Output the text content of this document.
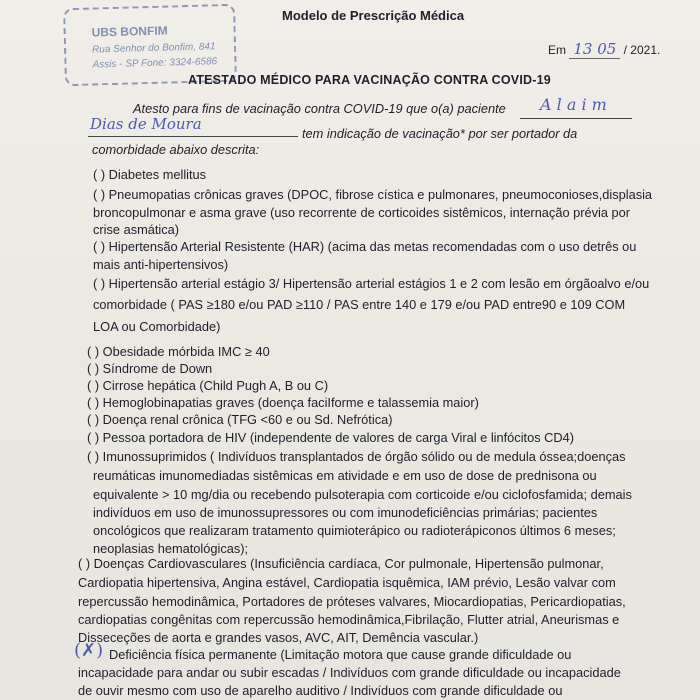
UBS BONFIM
Rua Senhor do Bonfim, 841
Assis - SP Fone: 3324-6586
Modelo de Prescrição Médica
Em 13 05 / 2021.
ATESTADO MÉDICO PARA VACINAÇÃO CONTRA COVID-19
Atesto para fins de vacinação contra COVID-19 que o(a) paciente A l a i m
Dias de Moura
tem indicação de vacinação* por ser portador da
comorbidade abaixo descrita:
( ) Diabetes mellitus
( ) Pneumopatias crônicas graves (DPOC, fibrose cística e pulmonares, pneumoconioses,displasia
broncopulmonar e asma grave (uso recorrente de corticoides sistêmicos, internação prévia por
crise asmática)
( ) Hipertensão Arterial Resistente (HAR) (acima das metas recomendadas com o uso detrês ou
mais anti-hipertensivos)
( ) Hipertensão arterial estágio 3/ Hipertensão arterial estágios 1 e 2 com lesão em órgãoalvo e/ou
comorbidade ( PAS ≥180 e/ou PAD ≥110 / PAS entre 140 e 179 e/ou PAD entre90 e 109 COM
LOA ou Comorbidade)
( ) Obesidade mórbida IMC ≥ 40
( ) Síndrome de Down
( ) Cirrose hepática (Child Pugh A, B ou C)
( ) Hemoglobinapatias graves (doença faciIforme e talassemia maior)
( ) Doença renal crônica (TFG <60 e ou Sd. Nefrótica)
( ) Pessoa portadora de HIV (independente de valores de carga Viral e linfócitos CD4)
( ) Imunossuprimidos ( Indivíduos transplantados de órgão sólido ou de medula óssea;doenças
reumáticas imunomediadas sistêmicas em atividade e em uso de dose de prednisona ou
equivalente > 10 mg/dia ou recebendo pulsoterapia com corticoide e/ou ciclofosfamida; demais
indivíduos em uso de imunossupressores ou com imunodeficiências primárias; pacientes
oncológicos que realizaram tratamento quimioterápico ou radioterápiconos últimos 6 meses;
neoplasias hematológicas);
( ) Doenças Cardiovasculares (Insuficiência cardíaca, Cor pulmonale, Hipertensão pulmonar,
Cardiopatia hipertensiva, Angina estável, Cardiopatia isquêmica, IAM prévio, Lesão valvar com
repercussão hemodinâmica, Portadores de próteses valvares, Miocardiopatias, Pericardiopatias,
cardiopatias congênitas com repercussão hemodinâmica,Fibrilação, Flutter atrial, Aneurismas e
Disseceções de aorta e grandes vasos, AVC, AIT, Demência vascular.)
(✗) Deficiência física permanente (Limitação motora que cause grande dificuldade ou
incapacidade para andar ou subir escadas / Indivíduos com grande dificuldade ou incapacidade
de ouvir mesmo com uso de aparelho auditivo / Indivíduos com grande dificuldade ou
